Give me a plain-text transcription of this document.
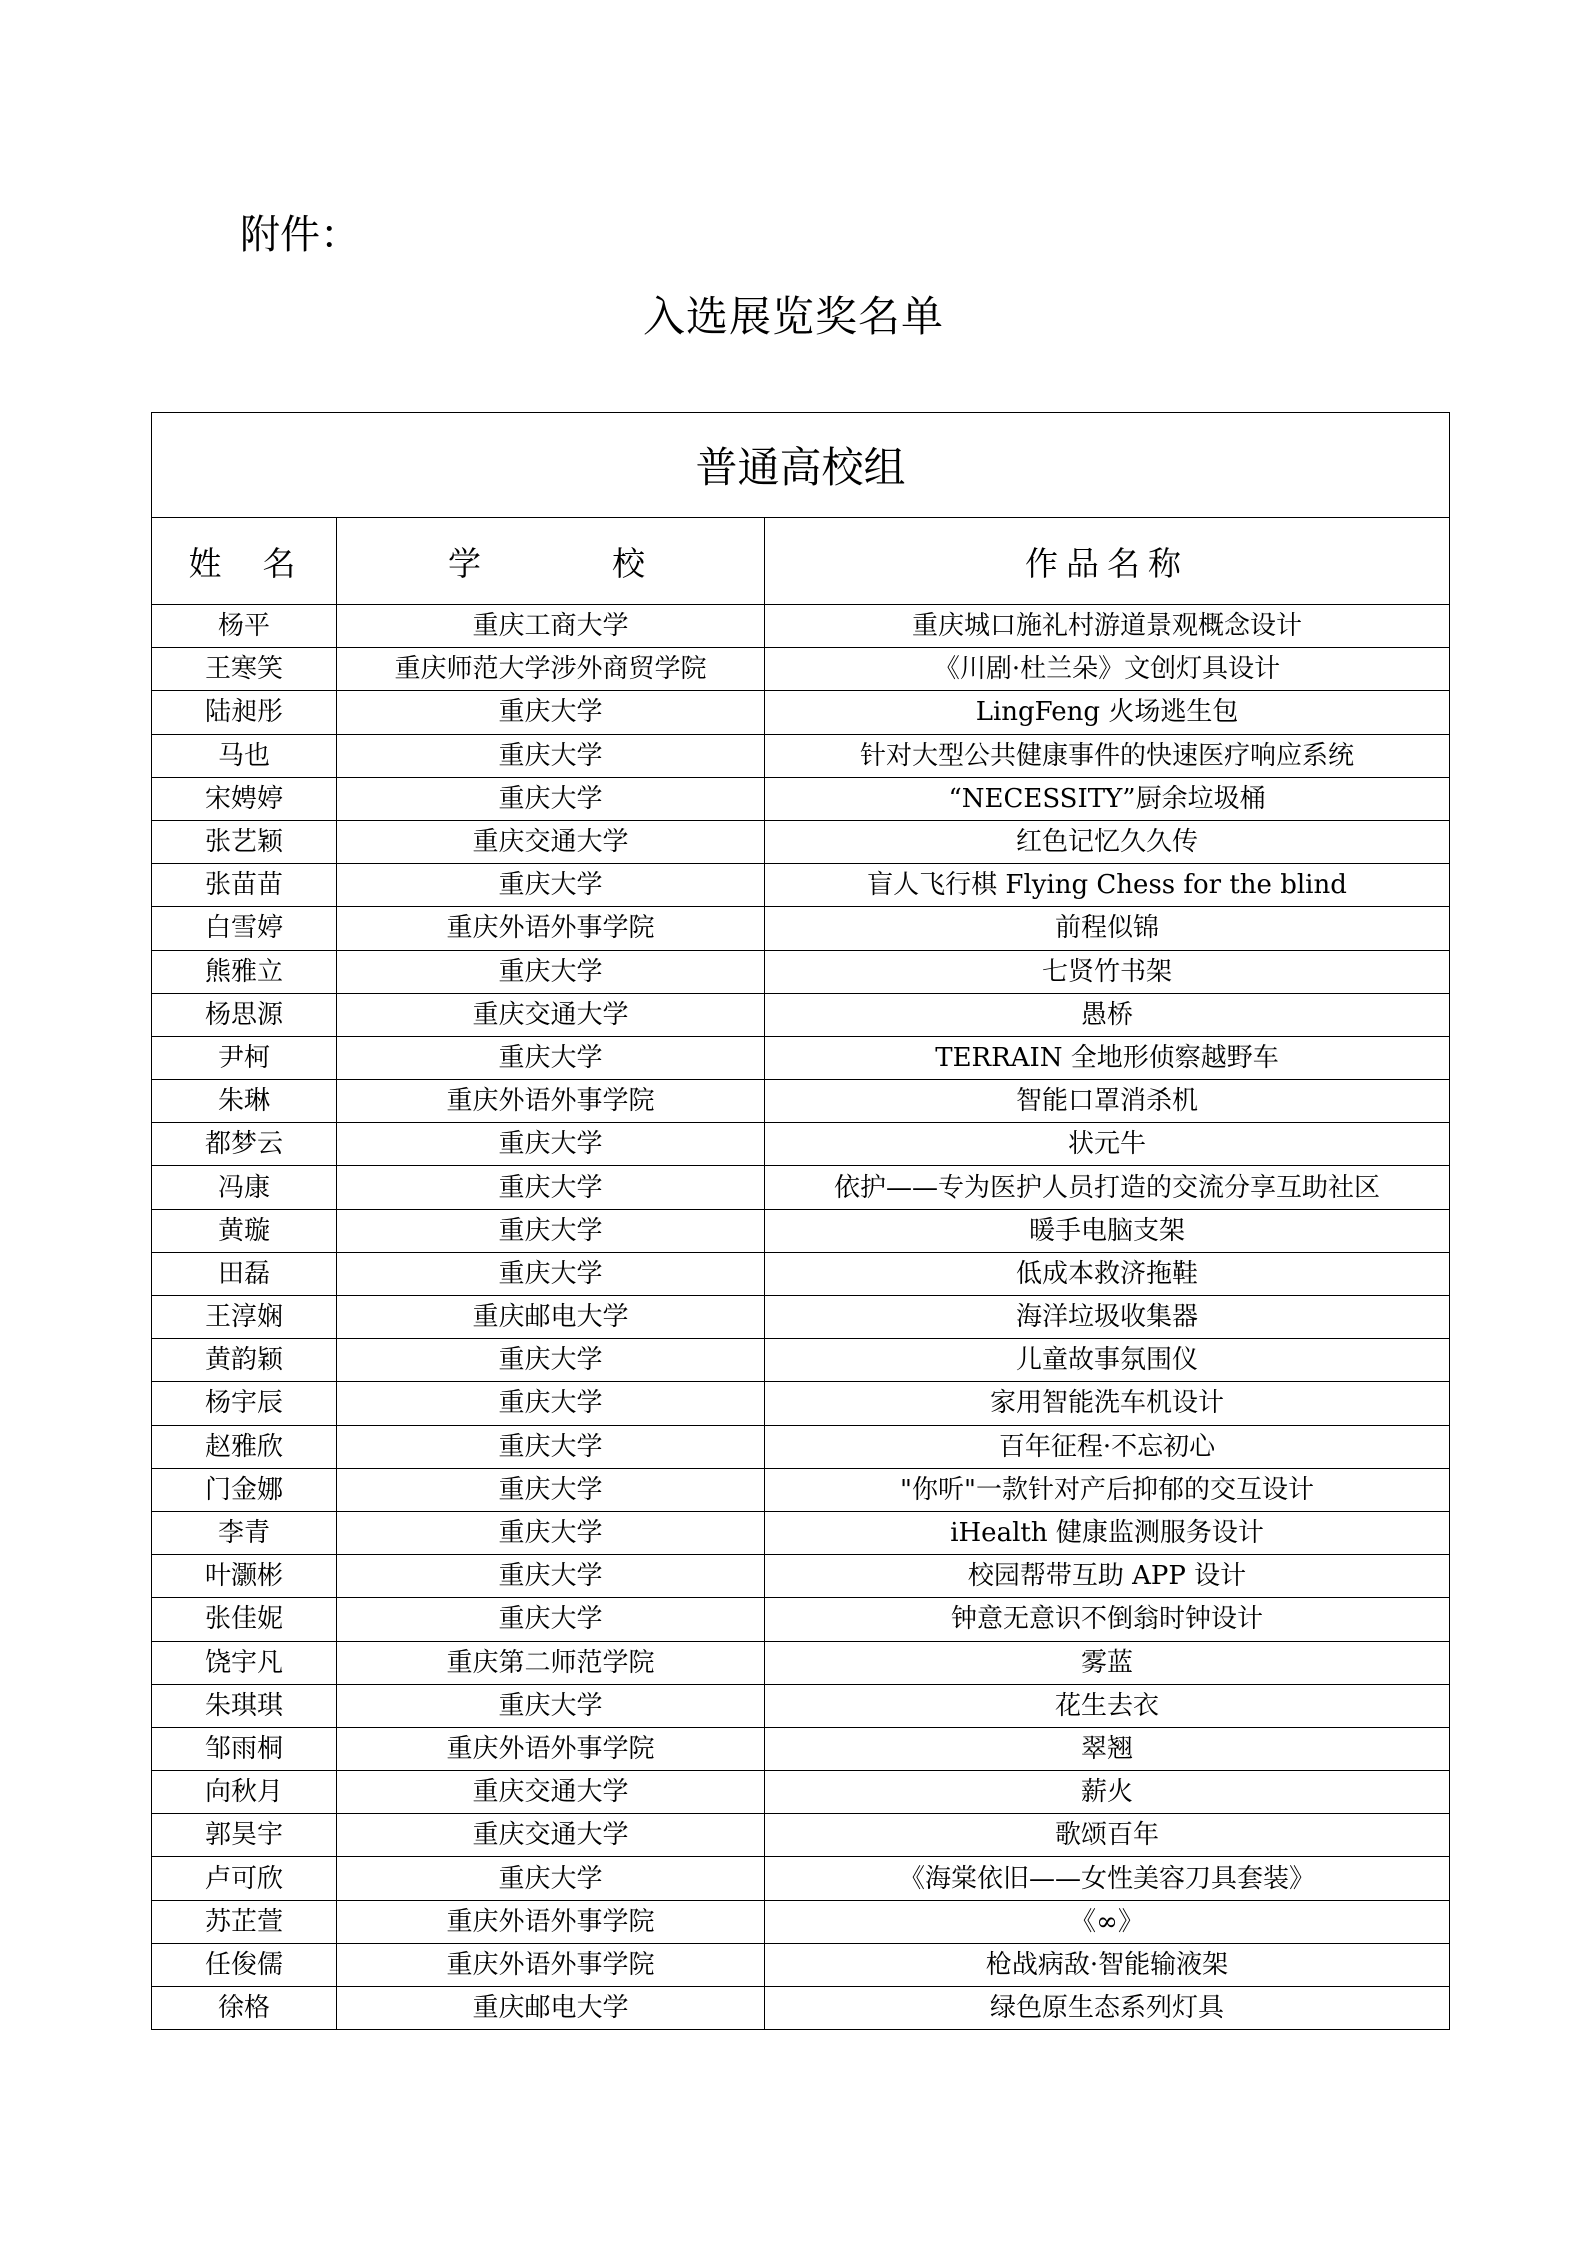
附件：
入选展览奖名单
普通高校组		
姓　名	学　　　校	作品名称
杨平	重庆工商大学	重庆城口施礼村游道景观概念设计
王寒笑	重庆师范大学涉外商贸学院	《川剧·杜兰朵》文创灯具设计
陆昶彤	重庆大学	LingFeng 火场逃生包
马也	重庆大学	针对大型公共健康事件的快速医疗响应系统
宋娉婷	重庆大学	“NECESSITY”厨余垃圾桶
张艺颖	重庆交通大学	红色记忆久久传
张苗苗	重庆大学	盲人飞行棋 Flying Chess for the blind
白雪婷	重庆外语外事学院	前程似锦
熊雅立	重庆大学	七贤竹书架
杨思源	重庆交通大学	愚桥
尹柯	重庆大学	TERRAIN 全地形侦察越野车
朱琳	重庆外语外事学院	智能口罩消杀机
都梦云	重庆大学	状元牛
冯康	重庆大学	依护——专为医护人员打造的交流分享互助社区
黄璇	重庆大学	暖手电脑支架
田磊	重庆大学	低成本救济拖鞋
王淳娴	重庆邮电大学	海洋垃圾收集器
黄韵颖	重庆大学	儿童故事氛围仪
杨宇辰	重庆大学	家用智能洗车机设计
赵雅欣	重庆大学	百年征程·不忘初心
门金娜	重庆大学	"你听"一款针对产后抑郁的交互设计
李青	重庆大学	iHealth 健康监测服务设计
叶灏彬	重庆大学	校园帮带互助 APP 设计
张佳妮	重庆大学	钟意无意识不倒翁时钟设计
饶宇凡	重庆第二师范学院	雾蓝
朱琪琪	重庆大学	花生去衣
邹雨桐	重庆外语外事学院	翠翘
向秋月	重庆交通大学	薪火
郭昊宇	重庆交通大学	歌颂百年
卢可欣	重庆大学	《海棠依旧——女性美容刀具套装》
苏芷萱	重庆外语外事学院	《∞》
任俊儒	重庆外语外事学院	枪战病敌·智能输液架
徐格	重庆邮电大学	绿色原生态系列灯具
